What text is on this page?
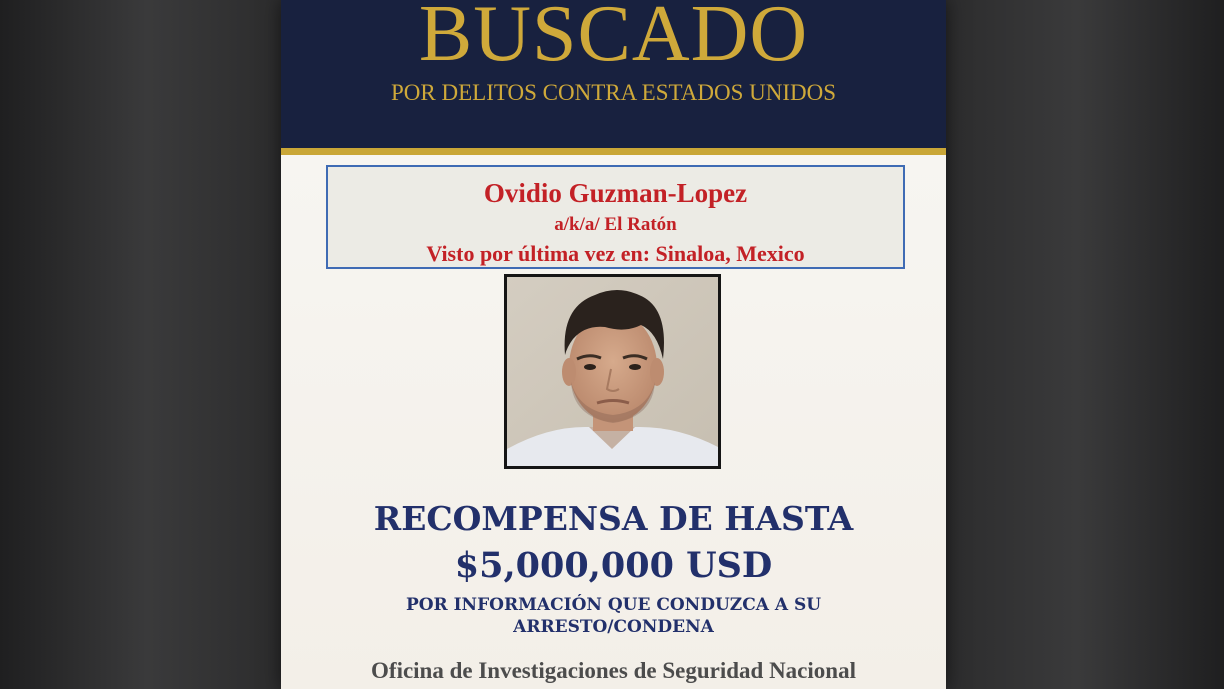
BUSCADO
POR DELITOS CONTRA ESTADOS UNIDOS
Ovidio Guzman-Lopez
a/k/a/ El Ratón
Visto por última vez en: Sinaloa, Mexico
RECOMPENSA DE HASTA
$5,000,000 USD
POR INFORMACIÓN QUE CONDUZCA A SU
ARRESTO/CONDENA
Oficina de Investigaciones de Seguridad Nacional
